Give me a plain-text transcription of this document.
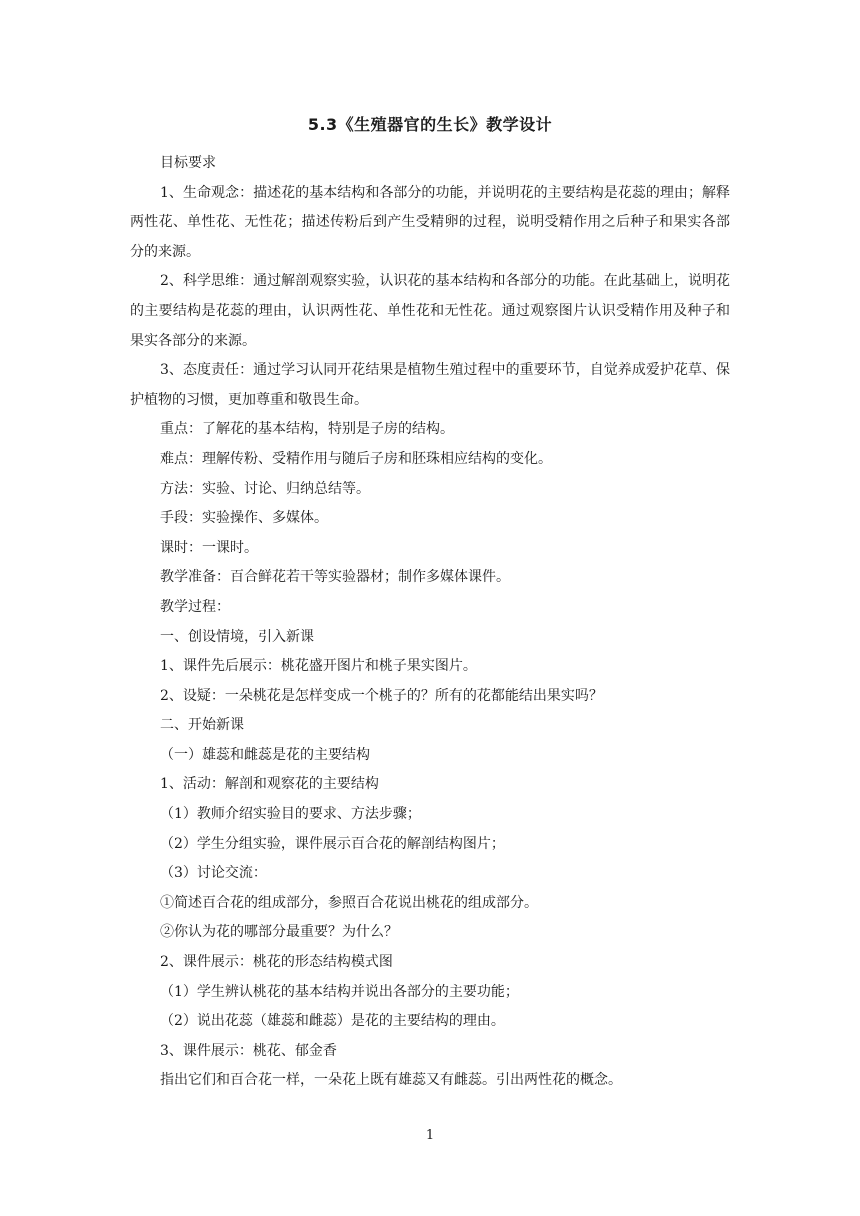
5.3《生殖器官的生长》教学设计

目标要求

1、生命观念：描述花的基本结构和各部分的功能，并说明花的主要结构是花蕊的理由；解释两性花、单性花、无性花；描述传粉后到产生受精卵的过程，说明受精作用之后种子和果实各部分的来源。

2、科学思维：通过解剖观察实验，认识花的基本结构和各部分的功能。在此基础上，说明花的主要结构是花蕊的理由，认识两性花、单性花和无性花。通过观察图片认识受精作用及种子和果实各部分的来源。

3、态度责任：通过学习认同开花结果是植物生殖过程中的重要环节，自觉养成爱护花草、保护植物的习惯，更加尊重和敬畏生命。

重点：了解花的基本结构，特别是子房的结构。

难点：理解传粉、受精作用与随后子房和胚珠相应结构的变化。

方法：实验、讨论、归纳总结等。

手段：实验操作、多媒体。

课时：一课时。

教学准备：百合鲜花若干等实验器材；制作多媒体课件。

教学过程：

一、创设情境，引入新课

1、课件先后展示：桃花盛开图片和桃子果实图片。

2、设疑：一朵桃花是怎样变成一个桃子的？所有的花都能结出果实吗？

二、开始新课

（一）雄蕊和雌蕊是花的主要结构

1、活动：解剖和观察花的主要结构

（1）教师介绍实验目的要求、方法步骤；

（2）学生分组实验，课件展示百合花的解剖结构图片；

（3）讨论交流：

①简述百合花的组成部分，参照百合花说出桃花的组成部分。

②你认为花的哪部分最重要？为什么？

2、课件展示：桃花的形态结构模式图

（1）学生辨认桃花的基本结构并说出各部分的主要功能；

（2）说出花蕊（雄蕊和雌蕊）是花的主要结构的理由。

3、课件展示：桃花、郁金香

指出它们和百合花一样，一朵花上既有雄蕊又有雌蕊。引出两性花的概念。

1
